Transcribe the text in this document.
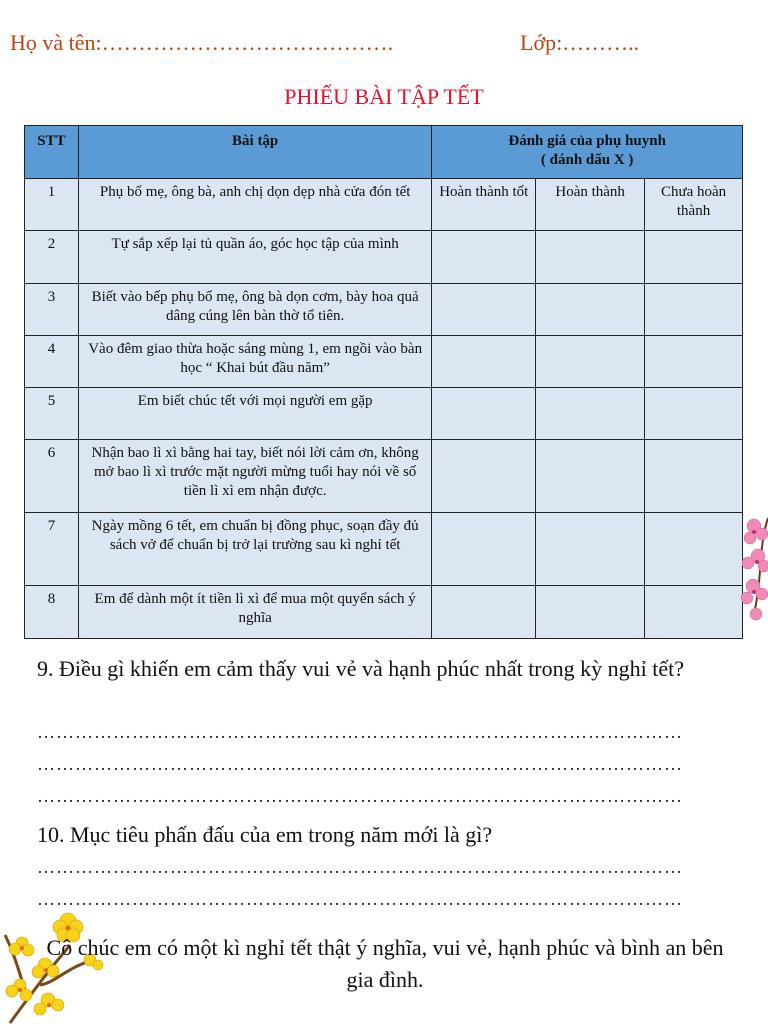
Họ và tên:………………………………….	Lớp:………..
PHIẾU BÀI TẬP TẾT
STT	Bài tập	Đánh giá của phụ huynh
( đánh dấu X )		
1	Phụ bố mẹ, ông bà, anh chị dọn dẹp nhà cửa đón tết	Hoàn thành tốt	Hoàn thành	Chưa hoàn thành
2	Tự sắp xếp lại tủ quần áo, góc học tập của mình			
3	Biết vào bếp phụ bố mẹ, ông bà dọn cơm, bày hoa quả dâng cúng lên bàn thờ tổ tiên.			
4	Vào đêm giao thừa hoặc sáng mùng 1, em ngồi vào bàn học “ Khai bút đầu năm”			
5	Em biết chúc tết với mọi người em gặp			
6	Nhận bao lì xì bằng hai tay, biết nói lời cảm ơn, không mở bao lì xì trước mặt người mừng tuổi hay nói về số tiền lì xì em nhận được.			
7	Ngày mồng 6 tết, em chuẩn bị đồng phục, soạn đầy đủ sách vở để chuẩn bị trở lại trường sau kì nghỉ tết			
8	Em để dành một ít tiền lì xì để mua một quyển sách ý nghĩa			
9. Điều gì khiến em cảm thấy vui vẻ và hạnh phúc nhất trong kỳ nghỉ tết?
…………………………………………………………………………………………
…………………………………………………………………………………………
…………………………………………………………………………………………
10. Mục tiêu phấn đấu của em trong năm mới là gì?
…………………………………………………………………………………………
…………………………………………………………………………………………
Cô chúc em có một kì nghỉ tết thật ý nghĩa, vui vẻ, hạnh phúc và bình an bên gia đình.
